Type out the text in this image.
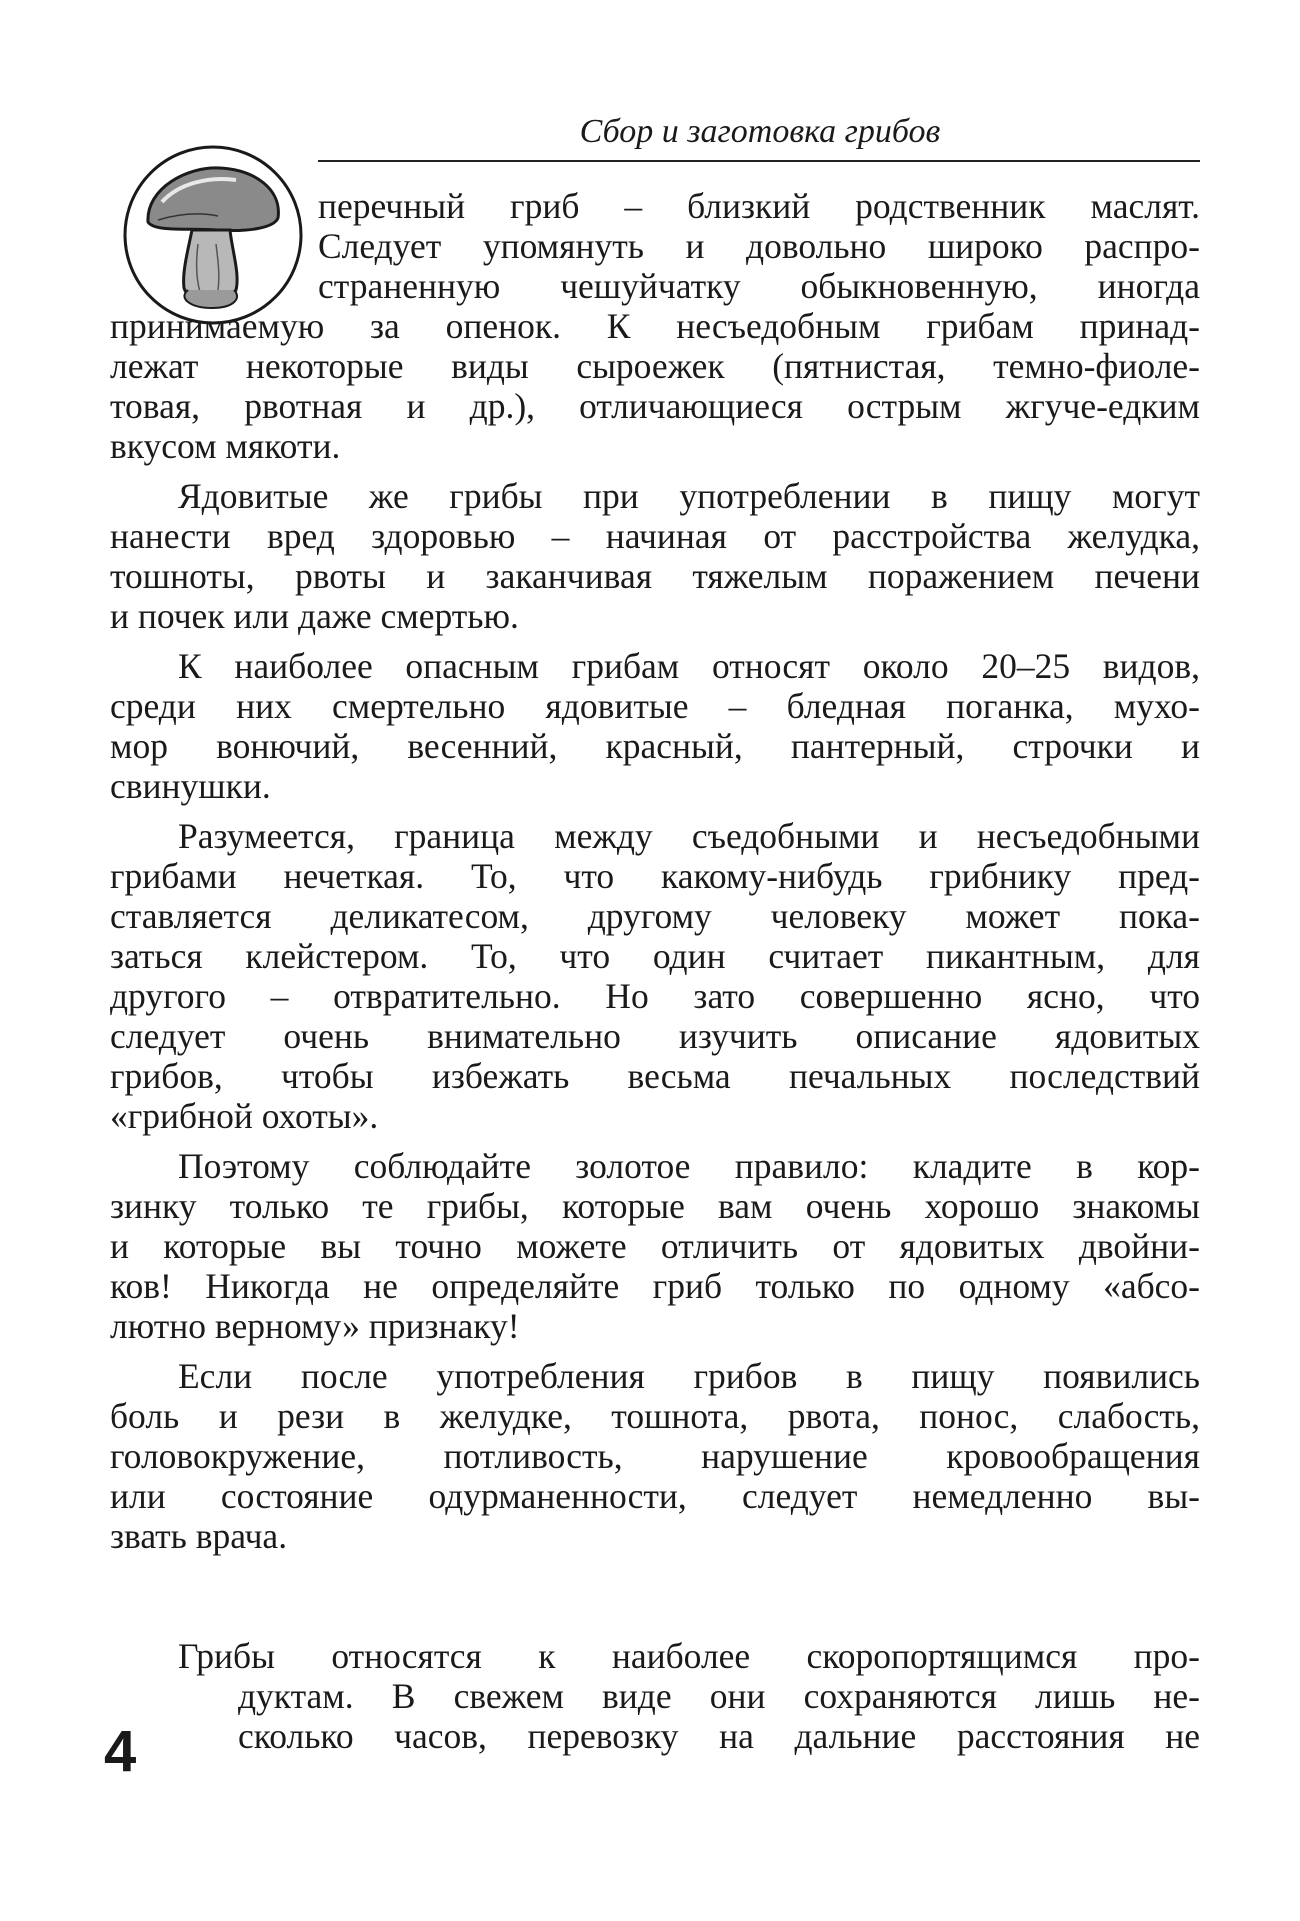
Сбор и заготовка грибов
перечный гриб – близкий родственник маслят.
Следует упомянуть и довольно широко распро-
страненную чешуйчатку обыкновенную, иногда
принимаемую за опенок. К несъедобным грибам принад-
лежат некоторые виды сыроежек (пятнистая, темно-фиоле-
товая, рвотная и др.), отличающиеся острым жгуче-едким
вкусом мякоти.
Ядовитые же грибы при употреблении в пищу могут
нанести вред здоровью – начиная от расстройства желудка,
тошноты, рвоты и заканчивая тяжелым поражением печени
и почек или даже смертью.
К наиболее опасным грибам относят около 20–25 видов,
среди них смертельно ядовитые – бледная поганка, мухо-
мор вонючий, весенний, красный, пантерный, строчки и
свинушки.
Разумеется, граница между съедобными и несъедобными
грибами нечеткая. То, что какому-нибудь грибнику пред-
ставляется деликатесом, другому человеку может пока-
заться клейстером. То, что один считает пикантным, для
другого – отвратительно. Но зато совершенно ясно, что
следует очень внимательно изучить описание ядовитых
грибов, чтобы избежать весьма печальных последствий
«грибной охоты».
Поэтому соблюдайте золотое правило: кладите в кор-
зинку только те грибы, которые вам очень хорошо знакомы
и которые вы точно можете отличить от ядовитых двойни-
ков! Никогда не определяйте гриб только по одному «абсо-
лютно верному» признаку!
Если после употребления грибов в пищу появились
боль и рези в желудке, тошнота, рвота, понос, слабость,
головокружение, потливость, нарушение кровообращения
или состояние одурманенности, следует немедленно вы-
звать врача.
Грибы относятся к наиболее скоропортящимся про-
дуктам. В свежем виде они сохраняются лишь не-
сколько часов, перевозку на дальние расстояния не
4
